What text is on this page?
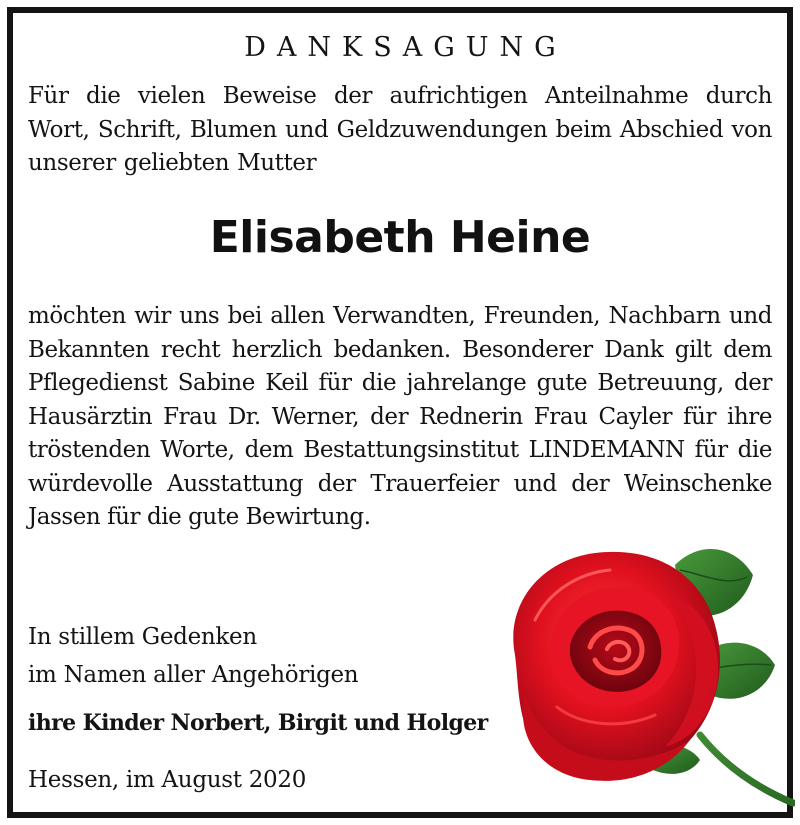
DANKSAGUNG

Für die vielen Beweise der aufrichtigen Anteilnahme durch Wort, Schrift, Blumen und Geldzuwendungen beim Abschied von unserer geliebten Mutter

Elisabeth Heine

möchten wir uns bei allen Verwandten, Freunden, Nachbarn und Bekannten recht herzlich bedanken. Besonderer Dank gilt dem Pflegedienst Sabine Keil für die jahrelange gute Betreuung, der Hausärztin Frau Dr. Werner, der Rednerin Frau Cayler für ihre tröstenden Worte, dem Bestattungsinstitut LINDEMANN für die würdevolle Ausstattung der Trauerfeier und der Weinschenke Jassen für die gute Bewirtung.

In stillem Gedenken
im Namen aller Angehörigen
ihre Kinder Norbert, Birgit und Holger
Hessen, im August 2020
